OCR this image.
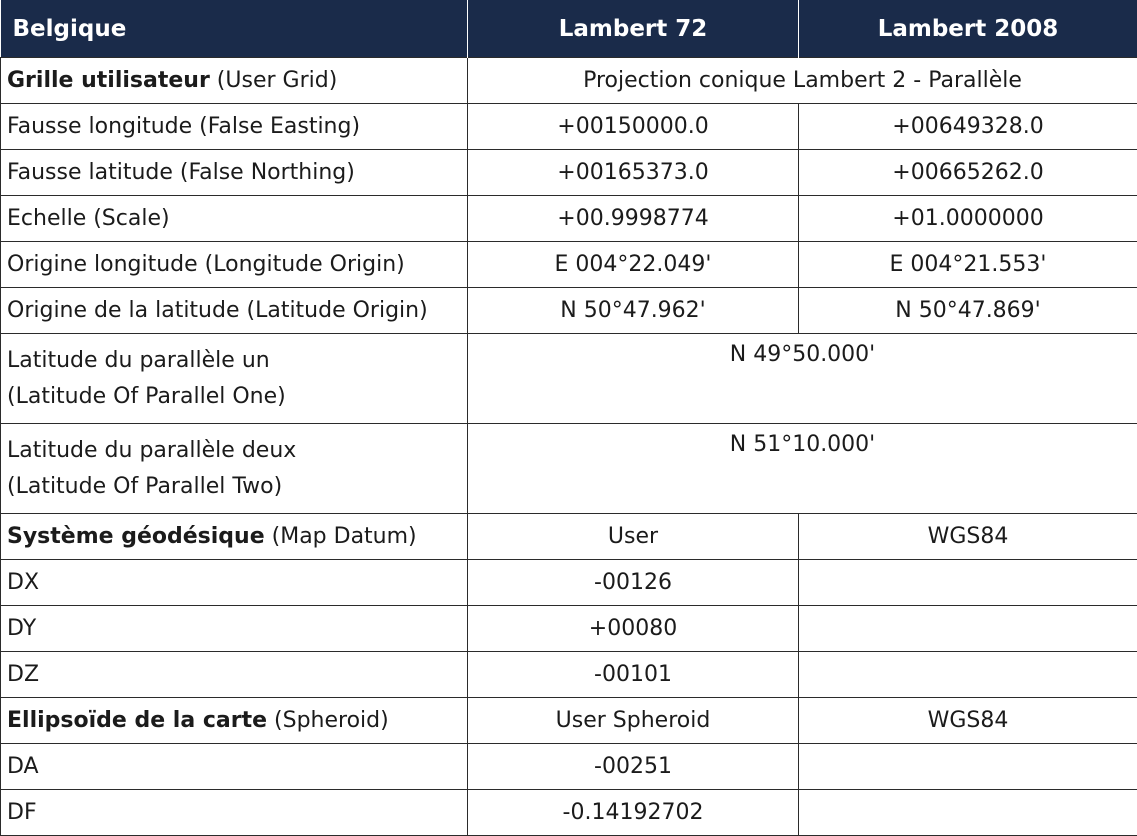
Belgique	Lambert 72	Lambert 2008
Grille utilisateur (User Grid)	Projection conique Lambert 2 - Parallèle	
Fausse longitude (False Easting)	+00150000.0	+00649328.0
Fausse latitude (False Northing)	+00165373.0	+00665262.0
Echelle (Scale)	+00.9998774	+01.0000000
Origine longitude (Longitude Origin)	E 004°22.049'	E 004°21.553'
Origine de la latitude (Latitude Origin)	N 50°47.962'	N 50°47.869'
Latitude du parallèle un
(Latitude Of Parallel One)	N 49°50.000'	
Latitude du parallèle deux
(Latitude Of Parallel Two)	N 51°10.000'	
Système géodésique (Map Datum)	User	WGS84
DX	-00126	
DY	+00080	
DZ	-00101	
Ellipsoïde de la carte (Spheroid)	User Spheroid	WGS84
DA	-00251	
DF	-0.14192702	
